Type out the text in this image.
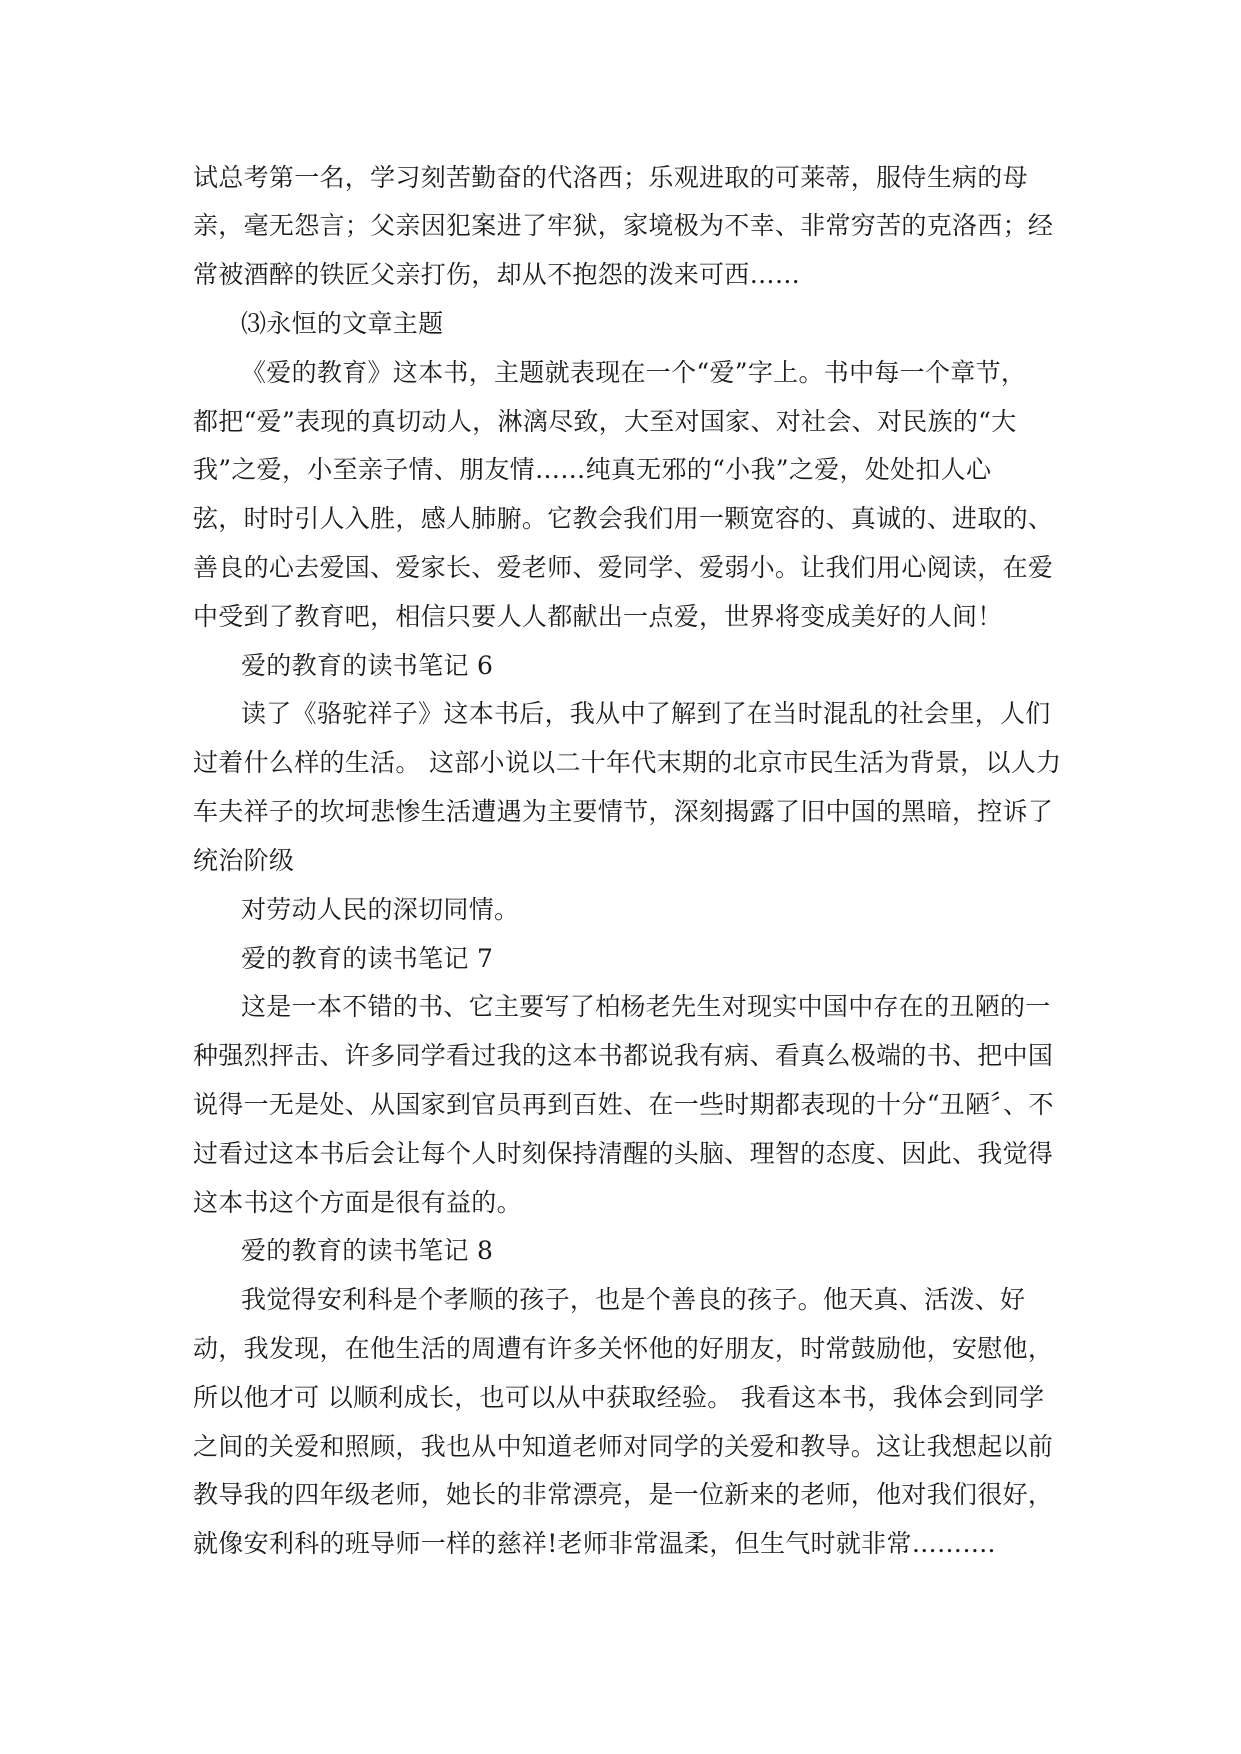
试总考第一名，学习刻苦勤奋的代洛西；乐观进取的可莱蒂，服侍生病的母
亲，毫无怨言；父亲因犯案进了牢狱，家境极为不幸、非常穷苦的克洛西；经
常被酒醉的铁匠父亲打伤，却从不抱怨的泼来可西……
⑶永恒的文章主题
《爱的教育》这本书，主题就表现在一个“爱”字上。书中每一个章节，
都把“爱”表现的真切动人，淋漓尽致，大至对国家、对社会、对民族的“大
我”之爱，小至亲子情、朋友情……纯真无邪的“小我”之爱，处处扣人心
弦，时时引人入胜，感人肺腑。它教会我们用一颗宽容的、真诚的、进取的、
善良的心去爱国、爱家长、爱老师、爱同学、爱弱小。让我们用心阅读，在爱
中受到了教育吧，相信只要人人都献出一点爱，世界将变成美好的人间！
爱的教育的读书笔记 6
读了《骆驼祥子》这本书后，我从中了解到了在当时混乱的社会里，人们
过着什么样的生活。 这部小说以二十年代末期的北京市民生活为背景，以人力
车夫祥子的坎坷悲惨生活遭遇为主要情节，深刻揭露了旧中国的黑暗，控诉了
统治阶级
对劳动人民的深切同情。
爱的教育的读书笔记 7
这是一本不错的书、它主要写了柏杨老先生对现实中国中存在的丑陋的一
种强烈抨击、许多同学看过我的这本书都说我有病、看真么极端的书、把中国
说得一无是处、从国家到官员再到百姓、在一些时期都表现的十分“丑陋〞、不
过看过这本书后会让每个人时刻保持清醒的头脑、理智的态度、因此、我觉得
这本书这个方面是很有益的。
爱的教育的读书笔记 8
我觉得安利科是个孝顺的孩子，也是个善良的孩子。他天真、活泼、好
动，我发现，在他生活的周遭有许多关怀他的好朋友，时常鼓励他，安慰他，
所以他才可 以顺利成长，也可以从中获取经验。 我看这本书，我体会到同学
之间的关爱和照顾，我也从中知道老师对同学的关爱和教导。这让我想起以前
教导我的四年级老师，她长的非常漂亮，是一位新来的老师，他对我们很好，
就像安利科的班导师一样的慈祥!老师非常温柔，但生气时就非常………．
